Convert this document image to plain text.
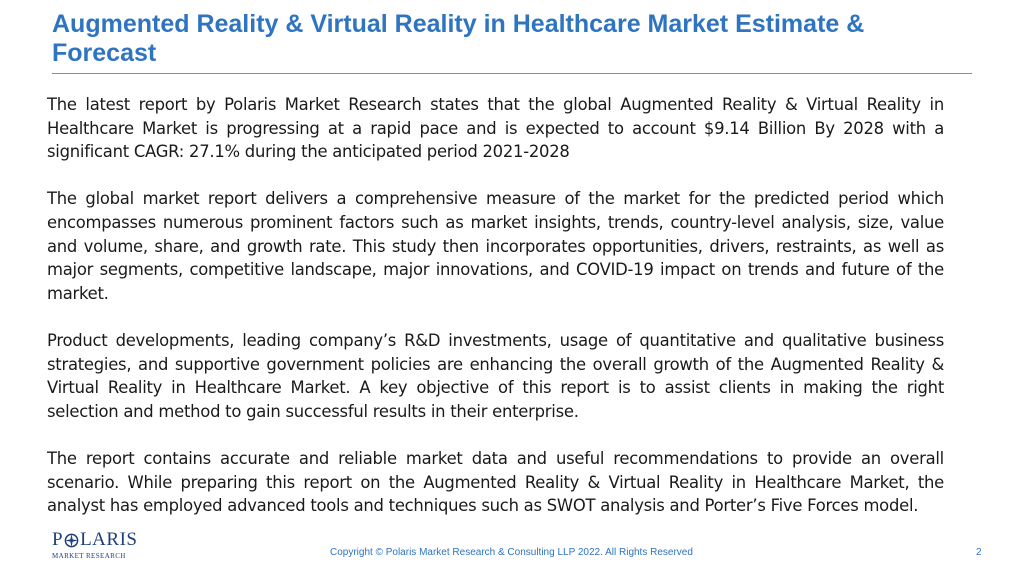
Augmented Reality & Virtual Reality in Healthcare Market Estimate & Forecast

The latest report by Polaris Market Research states that the global Augmented Reality & Virtual Reality in Healthcare Market is progressing at a rapid pace and is expected to account $9.14 Billion By 2028 with a significant CAGR: 27.1% during the anticipated period 2021-2028

The global market report delivers a comprehensive measure of the market for the predicted period which encompasses numerous prominent factors such as market insights, trends, country-level analysis, size, value and volume, share, and growth rate. This study then incorporates opportunities, drivers, restraints, as well as major segments, competitive landscape, major innovations, and COVID-19 impact on trends and future of the market.

Product developments, leading company’s R&D investments, usage of quantitative and qualitative business strategies, and supportive government policies are enhancing the overall growth of the Augmented Reality & Virtual Reality in Healthcare Market. A key objective of this report is to assist clients in making the right selection and method to gain successful results in their enterprise.

The report contains accurate and reliable market data and useful recommendations to provide an overall scenario. While preparing this report on the Augmented Reality & Virtual Reality in Healthcare Market, the analyst has employed advanced tools and techniques such as SWOT analysis and Porter’s Five Forces model.

P LARIS
MARKET RESEARCH	Copyright © Polaris Market Research & Consulting LLP 2022. All Rights Reserved	2
